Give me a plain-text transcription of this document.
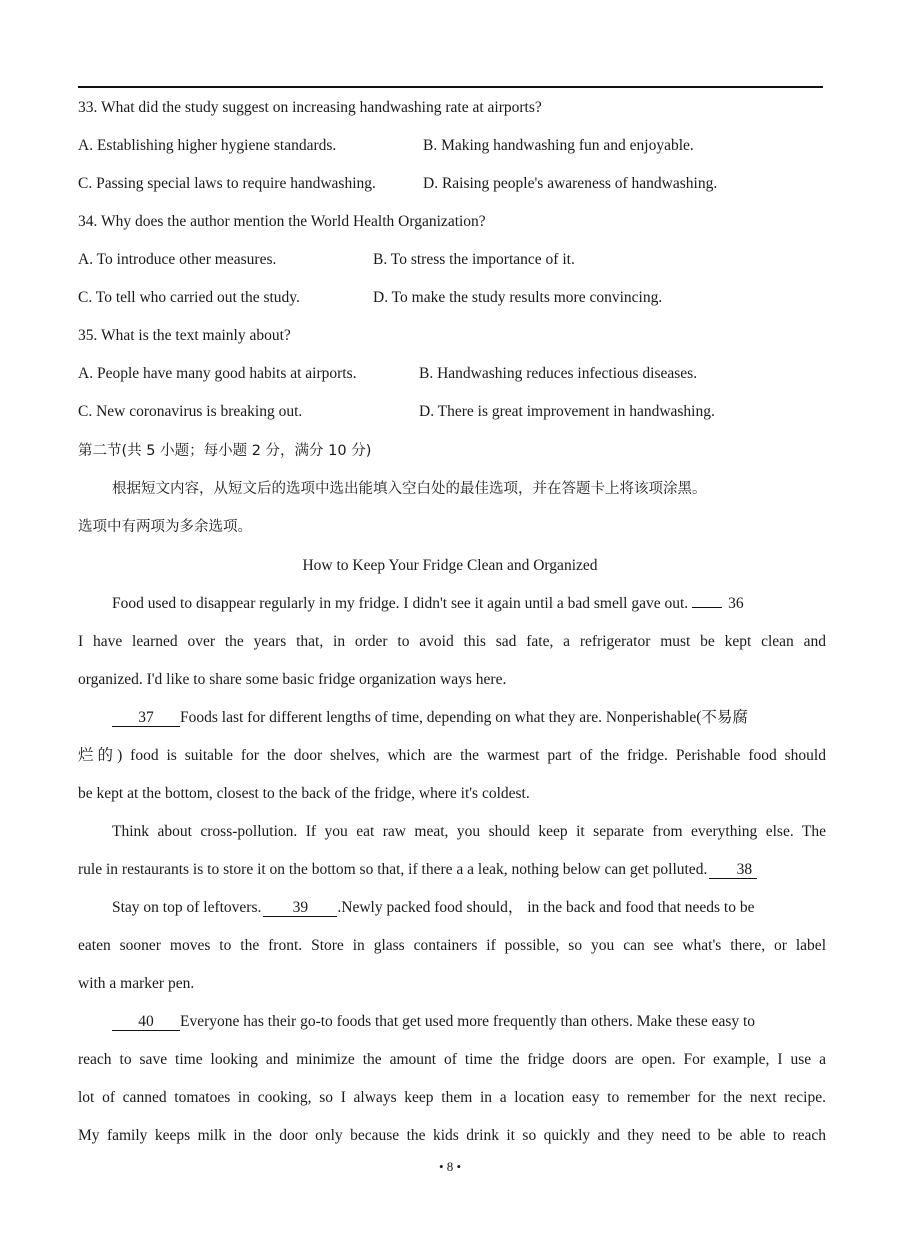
33. What did the study suggest on increasing handwashing rate at airports?
A. Establishing higher hygiene standards.	B. Making handwashing fun and enjoyable.
C. Passing special laws to require handwashing.	D. Raising people's awareness of handwashing.
34. Why does the author mention the World Health Organization?
A. To introduce other measures.	B. To stress the importance of it.
C. To tell who carried out the study.	D. To make the study results more convincing.
35. What is the text mainly about?
A. People have many good habits at airports.	B. Handwashing reduces infectious diseases.
C. New coronavirus is breaking out.	D. There is great improvement in handwashing.
第二节(共 5 小题；每小题 2 分，满分 10 分)
根据短文内容，从短文后的选项中选出能填入空白处的最佳选项，并在答题卡上将该项涂黑。
选项中有两项为多余选项。
How to Keep Your Fridge Clean and Organized
Food used to disappear regularly in my fridge. I didn't see it again until a bad smell gave out.	36
I have learned over the years that, in order to avoid this sad fate, a refrigerator must be kept clean and
organized. I'd like to share some basic fridge organization ways here.
37 Foods last for different lengths of time, depending on what they are. Nonperishable(不易腐
烂的) food is suitable for the door shelves, which are the warmest part of the fridge. Perishable food should
be kept at the bottom, closest to the back of the fridge, where it's coldest.
Think about cross-pollution. If you eat raw meat, you should keep it separate from everything else. The
rule in restaurants is to store it on the bottom so that, if there a a leak, nothing below can get polluted. 38
Stay on top of leftovers. 39 .Newly packed food should， in the back and food that needs to be
eaten sooner moves to the front. Store in glass containers if possible, so you can see what's there, or label
with a marker pen.
40 Everyone has their go-to foods that get used more frequently than others. Make these easy to
reach to save time looking and minimize the amount of time the fridge doors are open. For example, I use a
lot of canned tomatoes in cooking, so I always keep them in a location easy to remember for the next recipe.
My family keeps milk in the door only because the kids drink it so quickly and they need to be able to reach
• 8 •
